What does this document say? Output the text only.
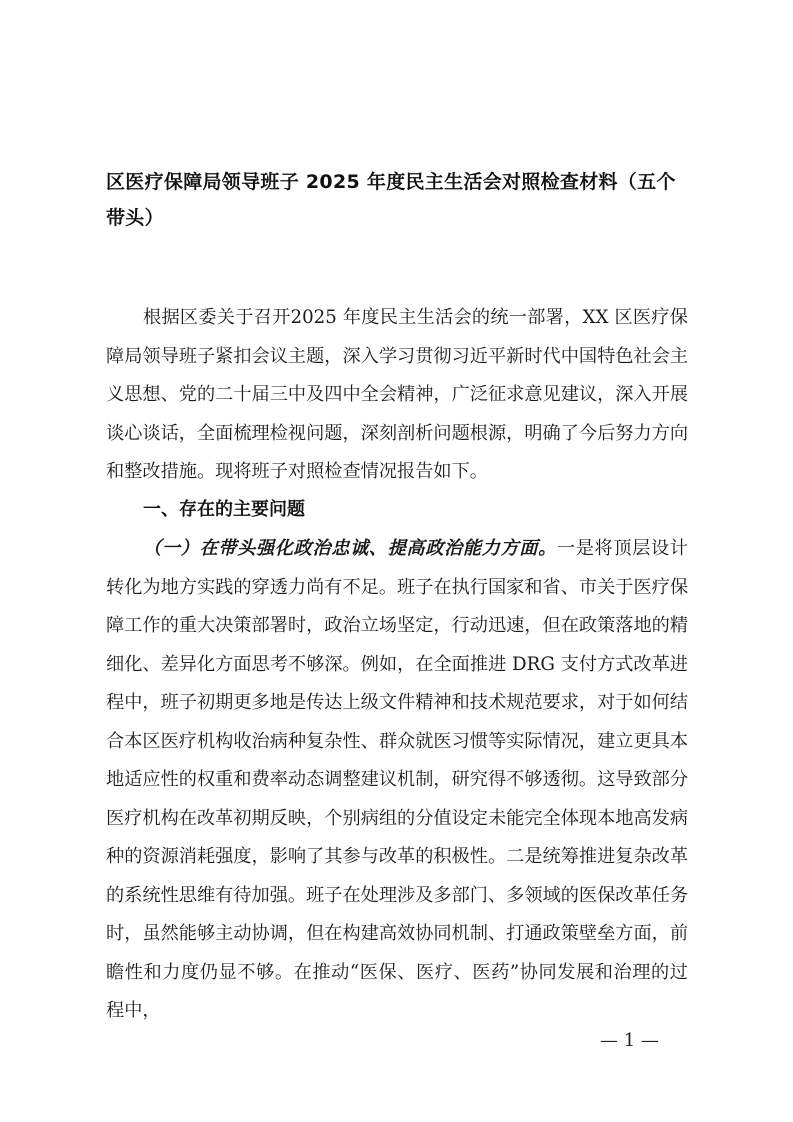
区医疗保障局领导班子 2025 年度民主生活会对照检查材料（五个带头）

根据区委关于召开2025 年度民主生活会的统一部署，XX 区医疗保障局领导班子紧扣会议主题，深入学习贯彻习近平新时代中国特色社会主义思想、党的二十届三中及四中全会精神，广泛征求意见建议，深入开展谈心谈话，全面梳理检视问题，深刻剖析问题根源，明确了今后努力方向和整改措施。现将班子对照检查情况报告如下。

一、存在的主要问题

（一）在带头强化政治忠诚、提高政治能力方面。一是将顶层设计转化为地方实践的穿透力尚有不足。班子在执行国家和省、市关于医疗保障工作的重大决策部署时，政治立场坚定，行动迅速，但在政策落地的精细化、差异化方面思考不够深。例如，在全面推进 DRG 支付方式改革进程中，班子初期更多地是传达上级文件精神和技术规范要求，对于如何结合本区医疗机构收治病种复杂性、群众就医习惯等实际情况，建立更具本地适应性的权重和费率动态调整建议机制，研究得不够透彻。这导致部分医疗机构在改革初期反映，个别病组的分值设定未能完全体现本地高发病种的资源消耗强度，影响了其参与改革的积极性。二是统筹推进复杂改革的系统性思维有待加强。班子在处理涉及多部门、多领域的医保改革任务时，虽然能够主动协调，但在构建高效协同机制、打通政策壁垒方面，前瞻性和力度仍显不够。在推动“医保、医疗、医药”协同发展和治理的过程中，

— 1 —
